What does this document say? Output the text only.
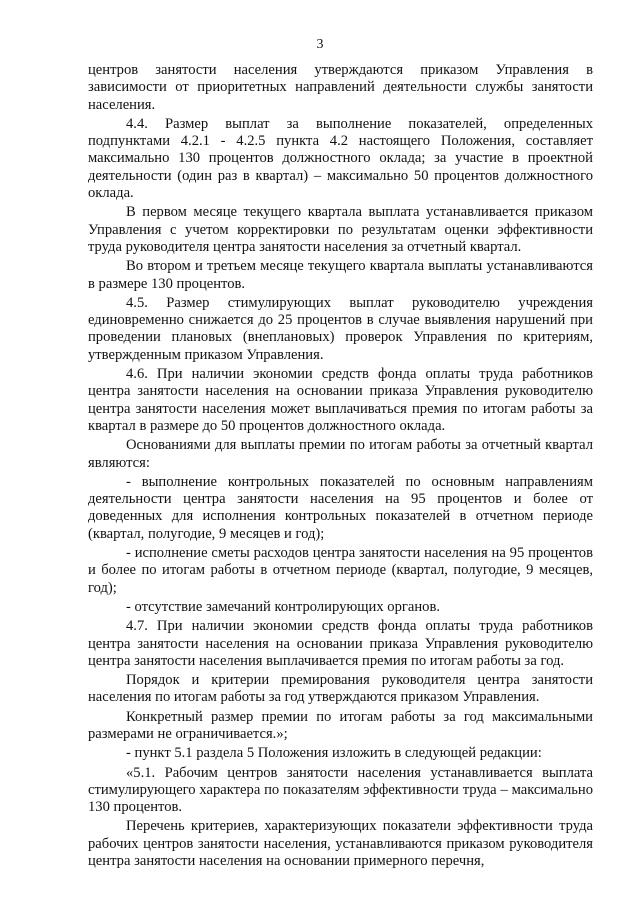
3

центров занятости населения утверждаются приказом Управления в зависимости от приоритетных направлений деятельности службы занятости населения.

4.4. Размер выплат за выполнение показателей, определенных подпунктами 4.2.1 - 4.2.5 пункта 4.2 настоящего Положения, составляет максимально 130 процентов должностного оклада; за участие в проектной деятельности (один раз в квартал) – максимально 50 процентов должностного оклада.

В первом месяце текущего квартала выплата устанавливается приказом Управления с учетом корректировки по результатам оценки эффективности труда руководителя центра занятости населения за отчетный квартал.

Во втором и третьем месяце текущего квартала выплаты устанавливаются в размере 130 процентов.

4.5. Размер стимулирующих выплат руководителю учреждения единовременно снижается до 25 процентов в случае выявления нарушений при проведении плановых (внеплановых) проверок Управления по критериям, утвержденным приказом Управления.

4.6. При наличии экономии средств фонда оплаты труда работников центра занятости населения на основании приказа Управления руководителю центра занятости населения может выплачиваться премия по итогам работы за квартал в размере до 50 процентов должностного оклада.

Основаниями для выплаты премии по итогам работы за отчетный квартал являются:

- выполнение контрольных показателей по основным направлениям деятельности центра занятости населения на 95 процентов и более от доведенных для исполнения контрольных показателей в отчетном периоде (квартал, полугодие, 9 месяцев и год);

- исполнение сметы расходов центра занятости населения на 95 процентов и более по итогам работы в отчетном периоде (квартал, полугодие, 9 месяцев, год);

- отсутствие замечаний контролирующих органов.

4.7. При наличии экономии средств фонда оплаты труда работников центра занятости населения на основании приказа Управления руководителю центра занятости населения выплачивается премия по итогам работы за год.

Порядок и критерии премирования руководителя центра занятости населения по итогам работы за год утверждаются приказом Управления.

Конкретный размер премии по итогам работы за год максимальными размерами не ограничивается.»;

- пункт 5.1 раздела 5 Положения изложить в следующей редакции:

«5.1. Рабочим центров занятости населения устанавливается выплата стимулирующего характера по показателям эффективности труда – максимально 130 процентов.

Перечень критериев, характеризующих показатели эффективности труда рабочих центров занятости населения, устанавливаются приказом руководителя центра занятости населения на основании примерного перечня,
